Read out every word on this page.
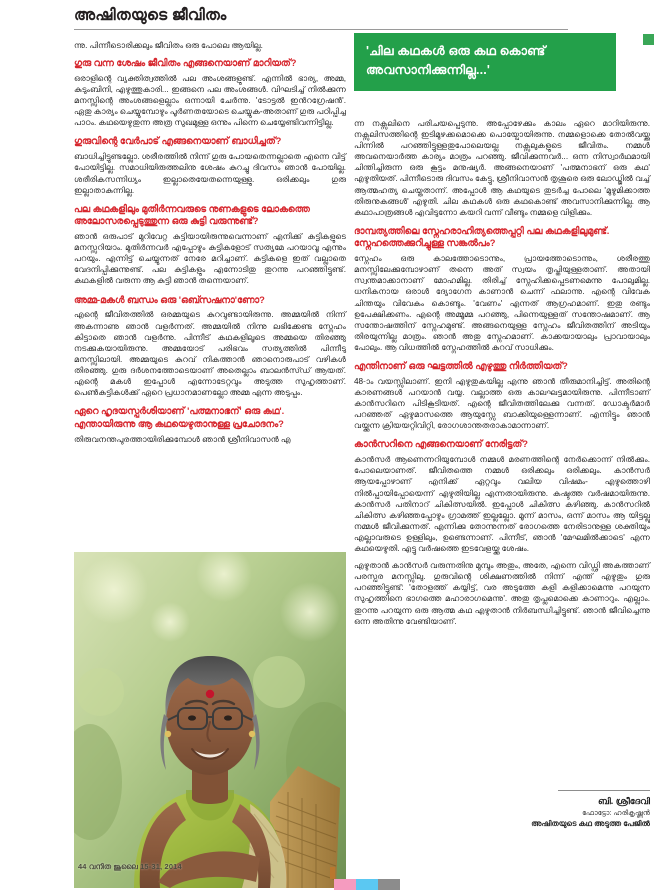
അഷിതയുടെ ജീവിതം
'ചില കഥകൾ ഒരു കഥ കൊണ്ട്
അവസാനിക്കുന്നില്ല...'

ന്നു. പിന്നീടൊരിക്കലും ജീവിതം ഒരു പോലെ ആയില്ല.

ഗുരു വന്ന ശേഷം ജീവിതം എങ്ങനെയാണ് മാറിയത്?

ഒരാളിന്റെ വ്യക്തിത്വത്തിൽ പല അംശങ്ങളുണ്ട്. എന്നിൽ ഭാര്യ, അമ്മ, കുടുംബിനി, എഴുത്തുകാരി... ഇങ്ങനെ പല അംശങ്ങൾ. വിഘടിച്ച് നിൽക്കുന്ന മനസ്സിന്റെ അംശങ്ങളെല്ലാം ഒന്നായി ചേർന്നു. 'ടോട്ടൽ ഇൻറഗ്രേഷൻ'. ഏതു കാര്യം ചെയ്യുമ്പോഴും പൂർണതയോടെ ചെയ്യുക-അതാണ് ഗുരു പഠിപ്പിച്ച പാഠം. കഥയെഴുതുന്ന അത്ര സുഖമുള്ള ഒന്നും പിന്നെ ചെയ്യേണ്ടിവന്നിട്ടില്ല.

ഗുരുവിന്റെ വേർപാട് എങ്ങനെയാണ് ബാധിച്ചത്?

ബാധിച്ചിട്ടുണ്ടല്ലോ. ശരീരത്തിൽ നിന്ന് ഗുരു പോയതെന്നല്ലാതെ എന്നെ വിട്ട് പോയിട്ടില്ല. സമാധിയിരുത്തലിനു ശേഷം കുറച്ചു ദിവസം ഞാൻ പോയില്ല. ശരീരികസന്നിധ്യം ഇല്ലാതെയേതന്നെയുള്ളു. ഒരിക്കലും ഗുരു ഇല്ലാതാകുന്നില്ല.

പല കഥകളിലും മുതിർന്നവരുടെ നുണകളുടെ ലോകത്തെ അലോസരപ്പെടുത്തുന്ന ഒരു കുട്ടി വരുന്നുണ്ട്?

ഞാൻ ഒരുപാട് മുറിവേറ്റ കുട്ടിയായിരുന്നുവെന്നാണ് എനിക്ക് കുട്ടികളുടെ മനസ്സറിയാം. മുതിർന്നവർ എപ്പോഴും കുട്ടികളോട് സത്യമേ പറയാവൂ എന്നും പറയും. എന്നിട്ട് ചെയ്യുന്നത് നേരേ മറിച്ചാണ്. കുട്ടികളെ ഇത് വല്ലാതെ വേദനിപ്പിക്കുന്നുണ്ട്. പല കുട്ടികളും എന്നോടിതു തുറന്നു പറഞ്ഞിട്ടുണ്ട്. കഥകളിൽ വരുന്ന ആ കുട്ടി ഞാൻ തന്നെയാണ്.

അമ്മ-മകൾ ബന്ധം ഒരു 'ഒബ്സഷനാ'ണോ?

എന്റെ ജീവിതത്തിൽ ഒരമ്മയുടെ കുറവുണ്ടായിരുന്നു. അമ്മയിൽ നിന്ന് അകന്നാണു ഞാൻ വളർന്നത്. അമ്മയിൽ നിന്നു ലഭിക്കേണ്ട സ്നേഹം കിട്ടാതെ ഞാൻ വളർന്നു. പിന്നീട് കഥകളിലൂടെ അമ്മയെ തിരഞ്ഞു നടക്കുകയായിരുന്നു. അമ്മയോട് പരിഭവം സത്യത്തിൽ പിന്നീടു മനസ്സിലായി. അമ്മയുടെ കുറവ് നികത്താൻ ഞാനൊരുപാട് വഴികൾ തിരഞ്ഞു. ഗുരു ദർശനത്തോടെയാണ് അതെല്ലാം ബാലൻസ്ഡ് ആയത്. എന്റെ മകൾ ഇപ്പോൾ എന്നോടേറ്റവും അടുത്ത സുഹൃത്താണ്. പെൺകുട്ടികൾക്ക് ഏറെ പ്രധാനമാണല്ലോ അമ്മ എന്ന അടുപ്പം.

ഏറെ ഹൃദയസ്പർശിയാണ് 'പത്മനാഭന്' ഒരു കഥ'. എന്തായിരുന്നു ആ കഥയെഴുതാനുള്ള പ്രചോദനം?

തിരുവനന്തപുരത്തായിരിക്കുമ്പോൾ ഞാൻ ശ്രീനിവാസൻ എ

ന്ന നക്സലിനെ പരിചയപ്പെടുന്നു. അപ്പോഴേക്കും കാലം ഏറെ മാറിയിരുന്നു. നക്സലിസത്തിന്റെ ഇടിമുഴക്കമൊക്കെ പൊയ്പോയിരുന്നു. നമ്മളൊക്കെ തോൽവയ്ക്കു പിന്നിൽ പറഞ്ഞിട്ടുള്ളതുപോലെയല്ല നക്സലുകളുടെ ജീവിതം. നമ്മൾ അവനെയാർത്ത കാര്യം മാത്രം പറഞ്ഞു. ജീവിക്കുന്നവർ... ഒന്ന നിസ്വാർഥമായി ചിന്തിച്ചിരുന്ന ഒരു കൂട്ടം മനുഷ്യർ. അങ്ങനെയാണ് 'പത്മനാഭന് ഒരു കഥ' എഴുതിയത്. പിന്നീടൊരു ദിവസം കേട്ടു, ശ്രീനിവാസൻ തൃശൂരെ ഒരു ലോഡ്ജിൽ വച്ച് ആത്മഹത്യ ചെയ്തതാന്ന്. അപ്പോൾ ആ കഥയുടെ തുടർച്ച പോലെ 'മുഴുമിക്കാത്ത തിരുനുകങ്ങൾ' എഴുതി. ചില കഥകൾ ഒരു കഥകൊണ്ട് അവസാനിക്കുന്നില്ല. ആ കഥാപാത്രങ്ങൾ എവിടുന്നോ കയറി വന്ന് വീണ്ടും നമ്മളെ വിളിക്കും.

ദാമ്പത്യത്തിലെ സ്നേഹരാഹിത്യത്തെപ്പറ്റി പല കഥകളിലുമുണ്ട്. സ്നേഹത്തെക്കുറിച്ചുള്ള സങ്കൽപം?

സ്നേഹം ഒരു കാലത്തോടൊന്നും, പ്രായത്തോടൊന്നും, ശരീരത്തു മനസ്സിലേക്കുമ്പോഴാണ് തന്നെ അത് സ്വയം തൃപ്തിയുള്ളതാണ്. അതായി സ്വന്തമാക്കാനാണ് മോഹമില്ല. തിരിച്ച് സ്നേഹിക്കപ്പെടണമെന്നു പോലുമില്ല. ധനികനായ ഒരാൾ ദ്യോഗേന കാണാൻ ചെന്ന് ഫലാന്നു. എന്റെ വിവേക ചിന്തയും വിവേകം കൊണ്ടും. 'വേണം' എന്നത് ആഗ്രഹമാണ്. ഇതു രണ്ടും ഉപേക്ഷിക്കണം. എന്റെ അമ്മൂമ്മ പറഞ്ഞു, പിന്നെയുള്ളത് സന്തോഷമാണ്. ആ സന്തോഷത്തിന് സ്നേഹമുണ്ട്. അങ്ങനെയുള്ള സ്നേഹം ജീവിതത്തിന് അടിയും തിരയുന്നില്ല മാത്രം. ഞാൻ അതു സ്നേഹമാണ്. കാക്കയായാലും പ്രാവായാലും പോലും. ആ വിധത്തിൽ സ്നേഹത്തിൽ കുറവ് സാധിക്കും.

എന്തിനാണ് ഒരു ഘട്ടത്തിൽ എഴുത്തു നിർത്തിയത്?

48-ാം വയസ്സിലാണ്. ഇനി എഴുതുകയില്ല എന്നു ഞാൻ തീരുമാനിച്ചിട്ട്. അതിന്റെ കാരണങ്ങൾ പറയാൻ വയ്യ. വല്ലാത്ത ഒരു കാലഘട്ടമായിരുന്നു. പിന്നീടാണ് കാൻസറിനെ പിടികൂടിയത്. എന്റെ ജീവിതത്തിലേക്കു വന്നത്. ഡോക്ടർമാർ പറഞ്ഞത് ഏഴുമാസത്തെ ആയുസ്സേ ബാക്കിയുള്ളെന്നാണ്. എന്നിട്ടും ഞാൻ വയ്ക്കുന്ന ക്രിയയറ്റിവിറ്റി, രോഗശാന്തതരാകാമാന്നാണ്.

കാൻസറിനെ എങ്ങനെയാണ് നേരിട്ടത്?

കാൻസർ ആണെന്നറിയുമ്പോൾ നമ്മൾ മരണത്തിന്റെ നേർക്കൊന്ന് നിൽക്കും. പോലെയാണത്. ജീവിതത്തെ നമ്മൾ ഒരിക്കലും ഒരിക്കലും. കാൻസർ ആയപ്പോഴാണ് എനിക്ക് ഏറ്റവും വലിയ വിഷമം- എഴുത്തൊഴി നിൽപ്പായിപ്പോയെന്ന് എഴുതിയില്ല എന്നതായിരുന്നു. കഷ്ടത്ത വർഷമായിരുന്നു. കാൻസർ പതിനാറ് ചികിത്സയിൽ. ഇപ്പോൾ ചികിത്സ കഴിഞ്ഞു. കാൻസറിൽ ചികിത്സ കഴിഞ്ഞപ്പോഴും ഗ്രാമത്ത് ഇല്ലല്ലോ. മൂന്ന് മാസം, ഒന്ന് മാസം ആ യിട്ടല്ലു നമ്മൾ ജീവിക്കുന്നത്. എന്നിക്കു തോന്നുന്നത് രോഗത്തെ നേരിടാനുള്ള ശക്തിയും എല്ലാവരുടെ ഉള്ളിലും, ഉണ്ടെന്നാണ്. പിന്നീട്, ഞാൻ 'മേഘമിൽക്കാടെ' എന്ന കഥയെഴുതി. എട്ടു വർഷത്തെ ഇടവേളയ്ക്കു ശേഷം.

എഴുതാൻ കാൻസർ വരുന്നതിനു മുമ്പും അതും, അതേ, എന്നെ വിഡ്ഢി അകത്താണ് പരസ്പര മനസ്സിലു. ഗുരുവിന്റെ ശിക്ഷണത്തിൽ നിന്ന് എന്ത് എഴുതും ഗുരു പറഞ്ഞിട്ടുണ്ട്: 'തോളത്ത് കയ്യിട്ട്, വര അടുത്തേ കളി കളിക്കാമെന്നു പറയുന്ന സുഹൃത്തിനെ ഭാഗത്തെ മഹാരാഗമെന്നു'. അതു തൃപ്ലമൊക്കെ കാണാറും. എല്ലാം. തുറന്നു പറയുന്ന ഒരു ആത്മ കഥ എഴുതാൻ നിർബന്ധിച്ചിട്ടുണ്ട്. ഞാൻ ജീവിച്ചെന്നു ഒന്ന അതിന്നു വേണ്ടിയാണ്.

44 വനിത ജൂലൈ 15-31, 2014
ബി. ശ്രീദേവി
ഫോട്ടോ: ഹരികൃഷ്ണൻ
അഷിതയുടെ കഥ അടുത്ത പേജിൽ
